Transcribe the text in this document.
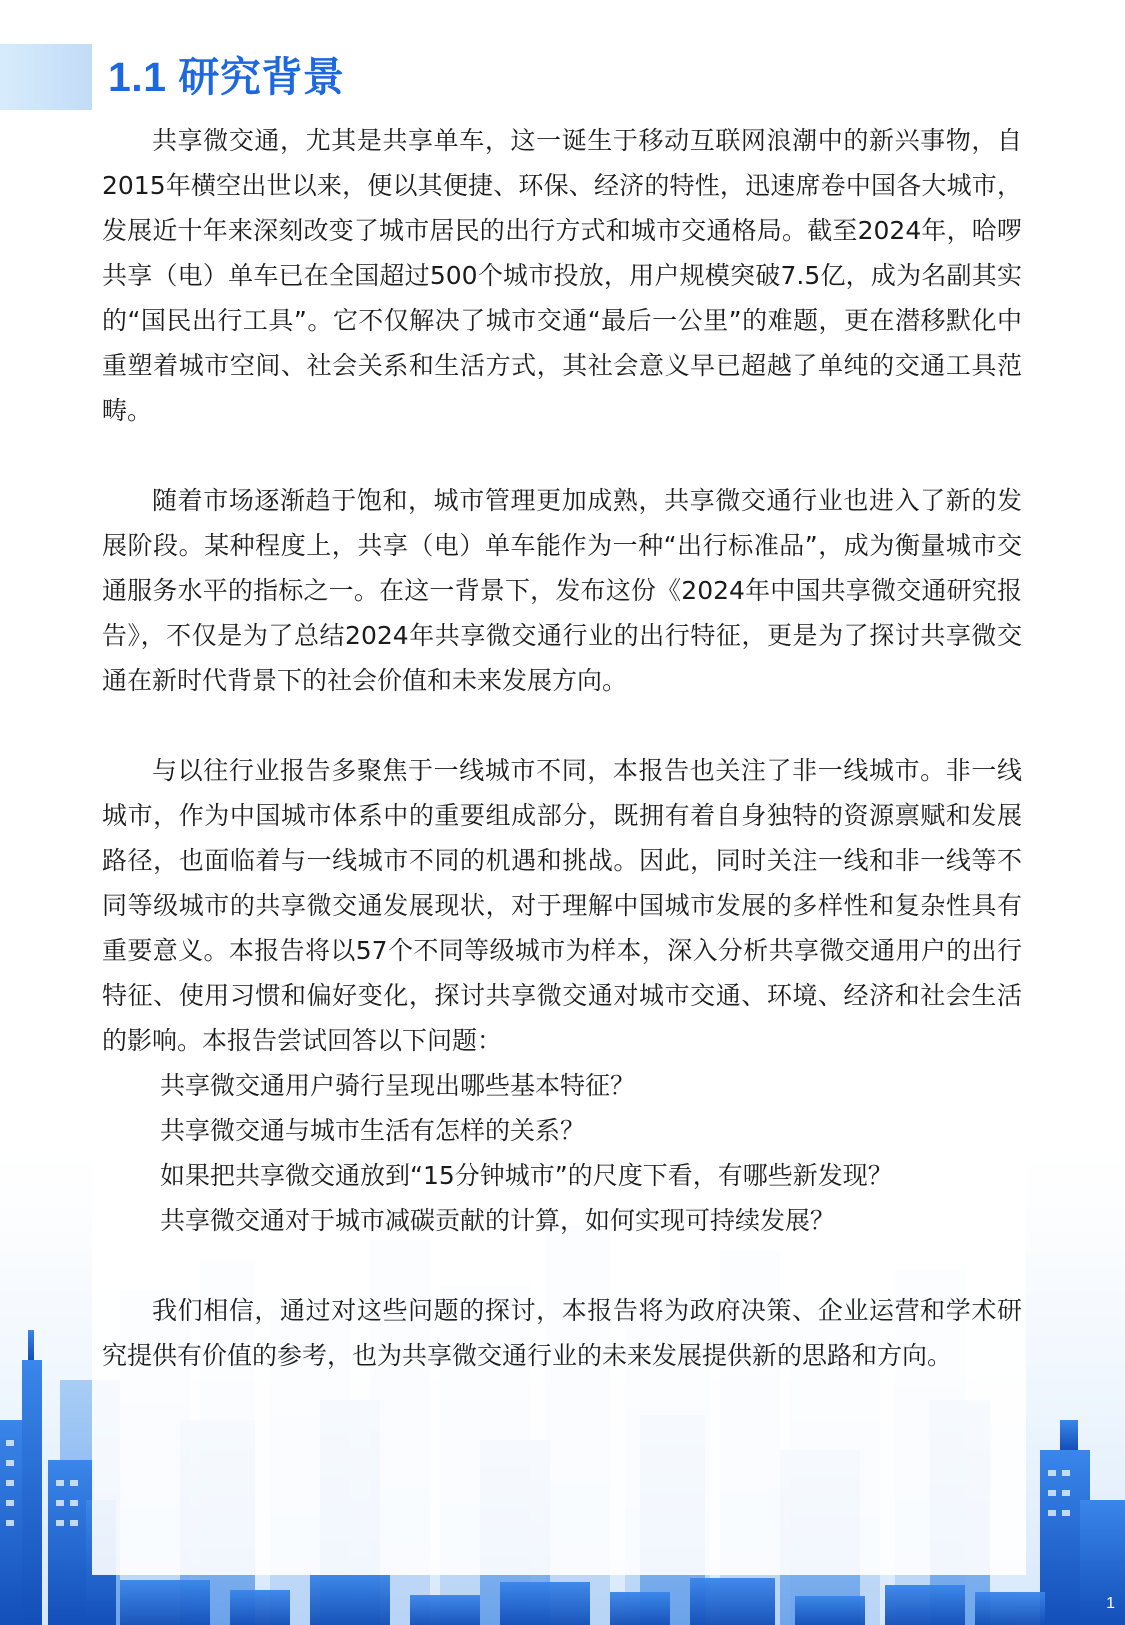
1.1 研究背景

共享微交通，尤其是共享单车，这一诞生于移动互联网浪潮中的新兴事物，自2015年横空出世以来，便以其便捷、环保、经济的特性，迅速席卷中国各大城市，发展近十年来深刻改变了城市居民的出行方式和城市交通格局。截至2024年，哈啰共享（电）单车已在全国超过500个城市投放，用户规模突破7.5亿，成为名副其实的“国民出行工具”。它不仅解决了城市交通“最后一公里”的难题，更在潜移默化中重塑着城市空间、社会关系和生活方式，其社会意义早已超越了单纯的交通工具范畴。

随着市场逐渐趋于饱和，城市管理更加成熟，共享微交通行业也进入了新的发展阶段。某种程度上，共享（电）单车能作为一种“出行标准品”，成为衡量城市交通服务水平的指标之一。在这一背景下，发布这份《2024年中国共享微交通研究报告》，不仅是为了总结2024年共享微交通行业的出行特征，更是为了探讨共享微交通在新时代背景下的社会价值和未来发展方向。

与以往行业报告多聚焦于一线城市不同，本报告也关注了非一线城市。非一线城市，作为中国城市体系中的重要组成部分，既拥有着自身独特的资源禀赋和发展路径，也面临着与一线城市不同的机遇和挑战。因此，同时关注一线和非一线等不同等级城市的共享微交通发展现状，对于理解中国城市发展的多样性和复杂性具有重要意义。本报告将以57个不同等级城市为样本，深入分析共享微交通用户的出行特征、使用习惯和偏好变化，探讨共享微交通对城市交通、环境、经济和社会生活的影响。本报告尝试回答以下问题：

共享微交通用户骑行呈现出哪些基本特征？
共享微交通与城市生活有怎样的关系？
如果把共享微交通放到“15分钟城市”的尺度下看，有哪些新发现？
共享微交通对于城市减碳贡献的计算，如何实现可持续发展？

我们相信，通过对这些问题的探讨，本报告将为政府决策、企业运营和学术研究提供有价值的参考，也为共享微交通行业的未来发展提供新的思路和方向。

1
